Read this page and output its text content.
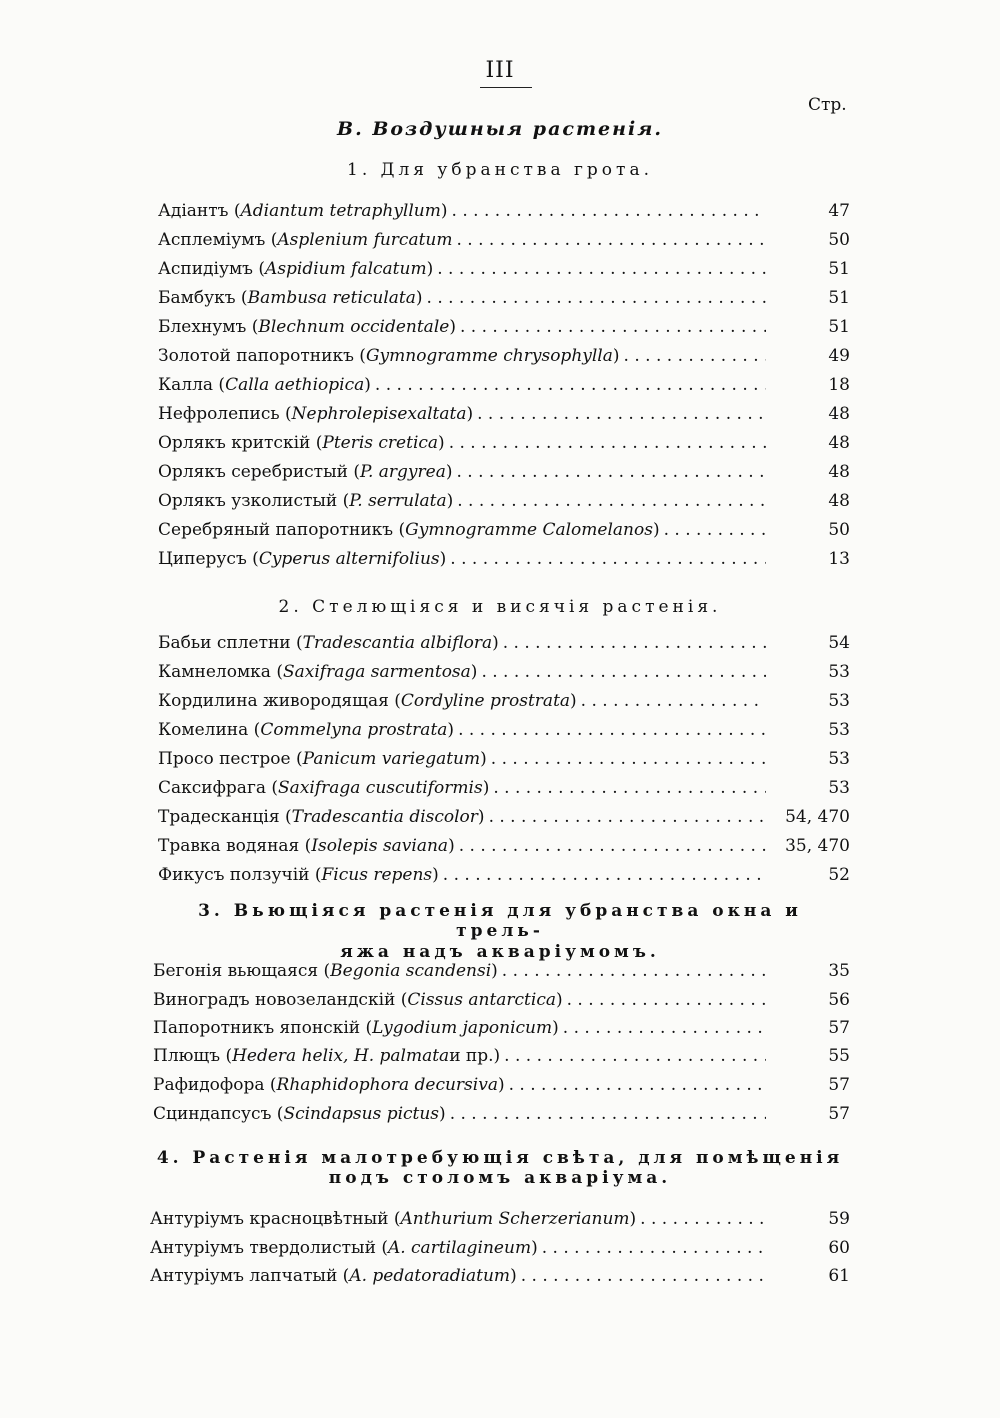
III
Стр.
B. Воздушныя растенія.
1. Для убранства грота.
Адіантъ ( Adiantum tetraphyllum ) . .	47
Асплеміумъ ( Asplenium furcatum . .	50
Аспидіумъ ( Aspidium falcatum ) . .	51
Бамбукъ ( Bambusa reticulata ) . .	51
Блехнумъ ( Blechnum occidentale ) . .	51
Золотой папоротникъ ( Gymnogramme chrysophylla ) . .	49
Калла ( Calla aethiopica ) . .	18
Нефролепись ( Nephrolepisexaltata ) . .	48
Орлякъ критскій ( Pteris cretica ) . .	48
Орлякъ серебристый ( P. argyrea ) . .	48
Орлякъ узколистый ( P. serrulata ) . .	48
Серебряный папоротникъ ( Gymnogramme Calomelanos ) . .	50
Циперусъ ( Cyperus alternifolius ) . .	13
2. Стелющіяся и висячія растенія.
Бабьи сплетни ( Tradescantia albiflora ) . .	54
Камнеломка ( Saxifraga sarmentosa ) . .	53
Кордилина живородящая ( Cordyline prostrata ) . .	53
Комелина ( Commelyna prostrata ) . .	53
Просо пестрое ( Panicum variegatum ) . .	53
Саксифрага ( Saxifraga cuscutiformis ) . .	53
Традесканція ( Tradescantia discolor ) . .	54, 470
Травка водяная ( Isolepis saviana ) . .	35, 470
Фикусъ ползучій ( Ficus repens ) . .	52
3. Вьющіяся растенія для убранства окна и трель-
яжа надъ акваріумомъ.
Бегонія вьющаяся ( Begonia scandensi ) . .	35
Виноградъ новозеландскій ( Cissus antarctica ) . .	56
Папоротникъ японскій ( Lygodium japonicum ) . .	57
Плющъ ( Hedera helix, H. palmata и пр.) . .	55
Рафидофора ( Rhaphidophora decursiva ) . .	57
Сциндапсусъ ( Scindapsus pictus ) . .	57
4. Растенія малотребующія свѣта, для помѣщенія
подъ столомъ акваріума.
Антуріумъ красноцвѣтный ( Anthurium Scherzerianum ) . .	59
Антуріумъ твердолистый ( A. cartilagineum ) . .	60
Антуріумъ лапчатый ( A. pedatoradiatum ) . .	61
